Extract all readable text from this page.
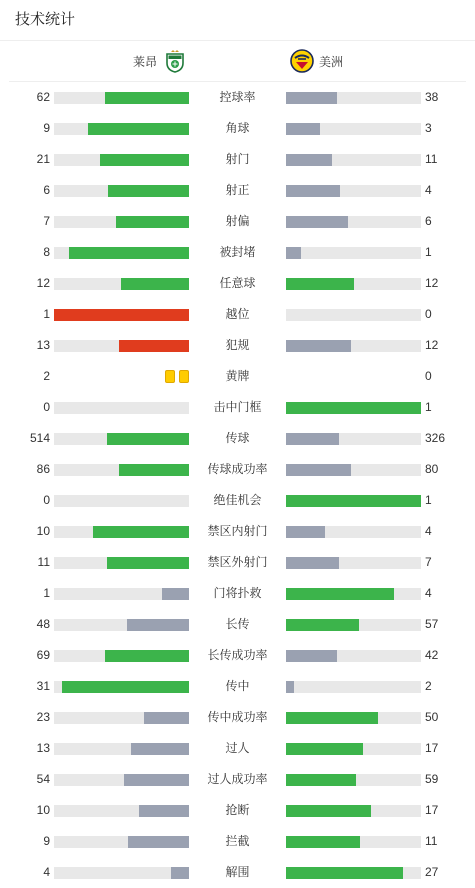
技术统计
莱昂	美洲
62	控球率	38
9	角球	3
21	射门	11
6	射正	4
7	射偏	6
8	被封堵	1
12	任意球	12
1	越位	0
13	犯规	12
2	黄牌	0
0	击中门框	1
514	传球	326
86	传球成功率	80
0	绝佳机会	1
10	禁区内射门	4
11	禁区外射门	7
1	门将扑救	4
48	长传	57
69	长传成功率	42
31	传中	2
23	传中成功率	50
13	过人	17
54	过人成功率	59
10	抢断	17
9	拦截	11
4	解围	27
